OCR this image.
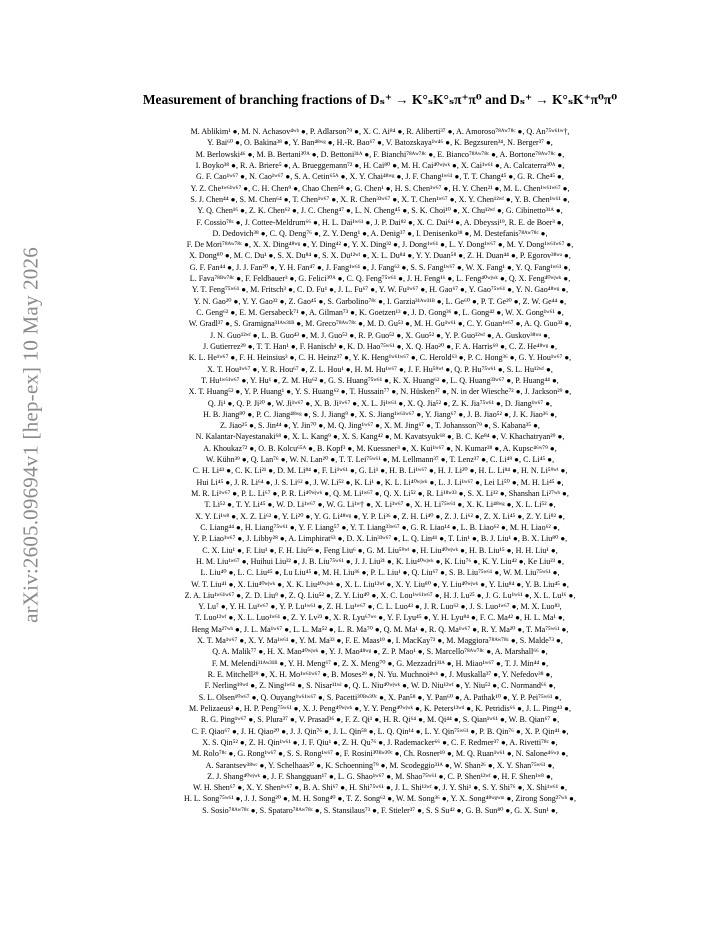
arXiv:2605.09694v1 [hep-ex] 10 May 2026
Measurement of branching fractions of Dₛ⁺ → K°ₛK°ₛπ⁺π⁰ and Dₛ⁺ → K°ₛK⁺π⁰π⁰
M. Ablikim¹ ●, M. N. Achasov⁴ʷᵇ ●, P. Adlarson⁷⁹ ●, X. C. Ai⁸⁴ ●, R. Aliberti³⁷ ●, A. Amoroso⁷⁸ᴬʷ⁷⁸ᶜ ●, Q. An⁷⁵ʷ⁶¹ʷ†,
Y. Bai⁶⁰ ●, O. Bakina³⁸ ●, Y. Ban⁴⁸ʷᵍ ●, H.-R. Bao⁶⁷ ●, V. Batozskaya¹ʷ⁴⁶ ●, K. Begzsuren³⁴, N. Berger³⁷ ●,
M. Berlowski⁴⁶ ●, M. B. Bertani³⁰ᴬ ●, D. Bettoni³¹ᴬ ●, F. Bianchi⁷⁸ᴬʷ⁷⁸ᶜ ●, E. Bianco⁷⁸ᴬʷ⁷⁸ᶜ ●, A. Bortone⁷⁸ᴬʷ⁷⁸ᶜ ●,
I. Boyko³⁸ ●, R. A. Briere⁵ ●, A. Brueggemann⁷² ●, H. Cai⁸⁰ ●, M. H. Cai⁴⁰ʷʲʷᵏ ●, X. Cai¹ʷ⁶¹ ●, A. Calcaterra³⁰ᴬ ●,
G. F. Cao¹ʷ⁶⁷ ●, N. Cao¹ʷ⁶⁷ ●, S. A. Cetin⁶⁵ᴬ ●, X. Y. Chai⁴⁸ʷᵍ ●, J. F. Chang¹ʷ⁶¹ ●, T. T. Chang⁴⁵ ●, G. R. Che⁴⁵ ●,
Y. Z. Che¹ʷ⁶¹ʷ⁶⁷ ●, C. H. Chen⁹ ●, Chao Chen⁵⁸ ●, G. Chen¹ ●, H. S. Chen¹ʷ⁶⁷ ●, H. Y. Chen²¹ ●, M. L. Chen¹ʷ⁶¹ʷ⁶⁷ ●,
S. J. Chen⁴⁴ ●, S. M. Chen⁶⁴ ●, T. Chen¹ʷ⁶⁷ ●, X. R. Chen³³ʷ⁶⁷ ●, X. T. Chen¹ʷ⁶⁷ ●, X. Y. Chen¹²ʷᶠ ●, Y. B. Chen¹ʷ⁶¹ ●,
Y. Q. Chen¹⁶ ●, Z. K. Chen⁶² ●, J. C. Cheng⁴⁷ ●, L. N. Cheng⁴⁵ ●, S. K. Choi¹⁰ ●, X. Chu¹²ʷᶠ ●, G. Cibinetto³¹ᴬ ●,
F. Cossio⁷⁸ᶜ ●, J. Cottee-Meldrum⁶⁶ ●, H. L. Dai¹ʷ⁶¹ ●, J. P. Dai⁸² ●, X. C. Dai⁶⁴ ●, A. Dbeyssi¹⁹, R. E. de Boer³ ●,
D. Dedovich³⁸ ●, C. Q. Deng⁷⁶ ●, Z. Y. Deng¹ ●, A. Denig³⁷ ●, I. Denisenko³⁸ ●, M. Destefanis⁷⁸ᴬʷ⁷⁸ᶜ ●,
F. De Mori⁷⁸ᴬʷ⁷⁸ᶜ ●, X. X. Ding⁴⁸ʷᵍ ●, Y. Ding⁴² ●, Y. X. Ding³² ●, J. Dong¹ʷ⁶¹ ●, L. Y. Dong¹ʷ⁶⁷ ●, M. Y. Dong¹ʷ⁶¹ʷ⁶⁷ ●,
X. Dong⁸⁰ ●, M. C. Du¹ ●, S. X. Du⁸⁴ ●, S. X. Du¹²ʷᶠ ●, X. L. Du⁸⁴ ●, Y. Y. Duan⁵⁸ ●, Z. H. Duan⁴⁴ ●, P. Egorov³⁸ʷᵃ ●,
G. F. Fan⁴⁴ ●, J. J. Fan²⁰ ●, Y. H. Fan⁴⁷ ●, J. Fang¹ʷ⁶¹ ●, J. Fang⁶² ●, S. S. Fang¹ʷ⁶⁷ ●, W. X. Fang¹ ●, Y. Q. Fang¹ʷ⁶¹ ●,
L. Fava⁷⁸ᴮʷ⁷⁸ᶜ ●, F. Feldbauer³ ●, G. Felici³⁰ᴬ ●, C. Q. Feng⁷⁵ʷ⁶¹ ●, J. H. Feng¹⁶ ●, L. Feng⁴⁰ʷʲʷᵏ ●, Q. X. Feng⁴⁰ʷʲʷᵏ ●,
Y. T. Feng⁷⁵ʷ⁶¹ ●, M. Fritsch³ ●, C. D. Fu¹ ●, J. L. Fu⁶⁷ ●, Y. W. Fu¹ʷ⁶⁷ ●, H. Gao⁶⁷ ●, Y. Gao⁷⁵ʷ⁶¹ ●, Y. N. Gao⁴⁸ʷᵍ ●,
Y. N. Gao²⁰ ●, Y. Y. Gao³² ●, Z. Gao⁴⁵ ●, S. Garbolino⁷⁸ᶜ ●, I. Garzia³¹ᴬʷ³¹ᴮ ●, L. Ge⁶⁰ ●, P. T. Ge²⁰ ●, Z. W. Ge⁴⁴ ●,
C. Geng⁶² ●, E. M. Gersabeck⁷¹ ●, A. Gilman⁷³ ●, K. Goetzen¹³ ●, J. D. Gong³⁶ ●, L. Gong⁴² ●, W. X. Gong¹ʷ⁶¹ ●,
W. Gradl³⁷ ●, S. Gramigna³¹ᴬʷ³¹ᴮ ●, M. Greco⁷⁸ᴬʷ⁷⁸ᶜ ●, M. D. Gu⁵³ ●, M. H. Gu¹ʷ⁶¹ ●, C. Y. Guan¹ʷ⁶⁷ ●, A. Q. Guo³³ ●,
J. N. Guo¹²ʷᶠ ●, L. B. Guo⁴³ ●, M. J. Guo⁵² ●, R. P. Guo⁵² ●, X. Guo⁵² ●, Y. P. Guo¹²ʷᶠ ●, A. Guskov³⁸ʷᵃ ●,
J. Gutierrez²⁹ ●, T. T. Han¹ ●, F. Hanisch³ ●, K. D. Hao⁷⁵ʷ⁶¹ ●, X. Q. Hao²⁰ ●, F. A. Harris⁶⁹ ●, C. Z. He⁴⁸ʷᵍ ●,
K. L. He¹ʷ⁶⁷ ●, F. H. Heinsius³ ●, C. H. Heinz³⁷ ●, Y. K. Heng¹ʷ⁶¹ʷ⁶⁷ ●, C. Herold⁶³ ●, P. C. Hong³⁶ ●, G. Y. Hou¹ʷ⁶⁷ ●,
X. T. Hou¹ʷ⁶⁷ ●, Y. R. Hou⁶⁷ ●, Z. L. Hou¹ ●, H. M. Hu¹ʷ⁶⁷ ●, J. F. Hu⁵⁹ʷⁱ ●, Q. P. Hu⁷⁵ʷ⁶¹ ●, S. L. Hu¹²ʷᶠ ●,
T. Hu¹ʷ⁶¹ʷ⁶⁷ ●, Y. Hu¹ ●, Z. M. Hu⁶² ●, G. S. Huang⁷⁵ʷ⁶¹ ●, K. X. Huang⁶² ●, L. Q. Huang³³ʷ⁶⁷ ●, P. Huang⁴⁴ ●,
X. T. Huang⁵² ●, Y. P. Huang¹ ●, Y. S. Huang⁶² ●, T. Hussain⁷⁷ ●, N. Hüsken³⁷ ●, N. in der Wiesche⁷² ●, J. Jackson²⁹ ●,
Q. Ji¹ ●, Q. P. Ji²⁰ ●, W. Ji¹ʷ⁶⁷ ●, X. B. Ji¹ʷ⁶⁷ ●, X. L. Ji¹ʷ⁶¹ ●, X. Q. Jia⁵² ●, Z. K. Jia⁷⁵ʷ⁶¹ ●, D. Jiang¹ʷ⁶⁷ ●,
H. B. Jiang⁸⁰ ●, P. C. Jiang⁴⁸ʷᵍ ●, S. J. Jiang⁹ ●, X. S. Jiang¹ʷ⁶¹ʷ⁶⁷ ●, Y. Jiang⁶⁷ ●, J. B. Jiao⁵² ●, J. K. Jiao³⁶ ●,
Z. Jiao²⁵ ●, S. Jin⁴⁴ ●, Y. Jin⁷⁰ ●, M. Q. Jing¹ʷ⁶⁷ ●, X. M. Jing⁶⁷ ●, T. Johansson⁷⁹ ●, S. Kabana³⁵ ●,
N. Kalantar-Nayestanaki⁶⁸ ●, X. L. Kang⁹ ●, X. S. Kang⁴² ●, M. Kavatsyuk⁶⁸ ●, B. C. Ke⁸⁴ ●, V. Khachatryan²⁹ ●,
A. Khoukaz⁷² ●, O. B. Kolcu⁶⁵ᴬ ●, B. Kopf³ ●, M. Kuessner³ ●, X. Kui¹ʷ⁶⁷ ●, N. Kumar²⁸ ●, A. Kupsc⁴⁶ʷ⁷⁹ ●,
W. Kühn³⁹ ●, Q. Lan⁷⁶ ●, W. N. Lan²⁰ ●, T. T. Lei⁷⁵ʷ⁶¹ ●, M. Lellmann³⁷ ●, T. Lenz³⁷ ●, C. Li⁴⁹ ●, C. Li⁴⁵ ●,
C. H. Li⁴³ ●, C. K. Li²¹ ●, D. M. Li⁸⁴ ●, F. Li¹ʷ⁶¹ ●, G. Li¹ ●, H. B. Li¹ʷ⁶⁷ ●, H. J. Li²⁰ ●, H. L. Li⁸⁴ ●, H. N. Li⁵⁹ʷⁱ ●,
Hui Li⁴⁵ ●, J. R. Li⁶⁴ ●, J. S. Li⁶² ●, J. W. Li⁵² ●, K. Li¹ ●, K. L. Li⁴⁰ʷʲʷᵏ ●, L. J. Li¹ʷ⁶⁷ ●, Lei Li⁵⁰ ●, M. H. Li⁴⁵ ●,
M. R. Li¹ʷ⁶⁷ ●, P. L. Li⁶⁷ ●, P. R. Li⁴⁰ʷʲʷᵏ ●, Q. M. Li¹ʷ⁶⁷ ●, Q. X. Li⁵² ●, R. Li¹⁸ʷ³³ ●, S. X. Li¹² ●, Shanshan Li²⁷ʷʰ ●,
T. Li⁵² ●, T. Y. Li⁴⁵ ●, W. D. Li¹ʷ⁶⁷ ●, W. G. Li¹ʷ† ●, X. Li¹ʷ⁶⁷ ●, X. H. Li⁷⁵ʷ⁶¹ ●, X. K. Li⁴⁸ʷᵍ ●, X. L. Li⁵² ●,
X. Y. Li¹ʷ⁸ ●, X. Z. Li⁶² ●, Y. Li²⁰ ●, Y. G. Li⁴⁸ʷᵍ ●, Y. P. Li³⁶ ●, Z. H. Li⁴⁰ ●, Z. J. Li⁶² ●, Z. X. Li⁴⁵ ●, Z. Y. Li⁸² ●,
C. Liang⁴⁴ ●, H. Liang⁷⁵ʷ⁶¹ ●, Y. F. Liang⁵⁷ ●, Y. T. Liang³³ʷ⁶⁷ ●, G. R. Liao¹⁴ ●, L. B. Liao⁶² ●, M. H. Liao⁶² ●,
Y. P. Liao¹ʷ⁶⁷ ●, J. Libby²⁸ ●, A. Limphirat⁶³ ●, D. X. Lin³³ʷ⁶⁷ ●, L. Q. Lin⁴¹ ●, T. Lin¹ ●, B. J. Liu¹ ●, B. X. Liu⁸⁰ ●,
C. X. Liu¹ ●, F. Liu¹ ●, F. H. Liu⁵⁶ ●, Feng Liu⁶ ●, G. M. Liu⁵⁹ʷⁱ ●, H. Liu⁴⁰ʷʲʷᵏ ●, H. B. Liu¹⁵ ●, H. H. Liu¹ ●,
H. M. Liu¹ʷ⁶⁷ ●, Huihui Liu²² ●, J. B. Liu⁷⁵ʷ⁶¹ ●, J. J. Liu²¹ ●, K. Liu⁴⁰ʷʲʷᵏ ●, K. Liu⁷⁶ ●, K. Y. Liu⁴² ●, Ke Liu²³ ●,
L. Liu⁴⁰ ●, L. C. Liu⁴⁵ ●, Lu Liu⁴⁵ ●, M. H. Liu³⁶ ●, P. L. Liu¹ ●, Q. Liu⁶⁷ ●, S. B. Liu⁷⁵ʷ⁶¹ ●, W. M. Liu⁷⁵ʷ⁶¹ ●,
W. T. Liu⁴¹ ●, X. Liu⁴⁰ʷʲʷᵏ ●, X. K. Liu⁴⁰ʷʲʷᵏ ●, X. L. Liu¹²ʷᶠ ●, X. Y. Liu⁸⁰ ●, Y. Liu⁴⁰ʷʲʷᵏ ●, Y. Liu⁸⁴ ●, Y. B. Liu⁴⁵ ●,
Z. A. Liu¹ʷ⁶¹ʷ⁶⁷ ●, Z. D. Liu⁹ ●, Z. Q. Liu⁵² ●, Z. Y. Liu⁴⁰ ●, X. C. Lou¹ʷ⁶¹ʷ⁶⁷ ●, H. J. Lu²⁵ ●, J. G. Lu¹ʷ⁶¹ ●, X. L. Lu¹⁶ ●,
Y. Lu⁷ ●, Y. H. Lu¹ʷ⁶⁷ ●, Y. P. Lu¹ʷ⁶¹ ●, Z. H. Lu¹ʷ⁶⁷ ●, C. L. Luo⁴³ ●, J. R. Luo⁶² ●, J. S. Luo¹ʷ⁶⁷ ●, M. X. Luo⁸³,
T. Luo¹²ʷᶠ ●, X. L. Luo¹ʷ⁶¹ ●, Z. Y. Lv²³ ●, X. R. Lyu⁶⁷ʷᵒ ●, Y. F. Lyu⁴⁵ ●, Y. H. Lyu⁸⁴ ●, F. C. Ma⁴² ●, H. L. Ma¹ ●,
Heng Ma²⁷ʷʰ ●, J. L. Ma¹ʷ⁶⁷ ●, L. L. Ma⁵² ●, L. R. Ma⁷⁰ ●, Q. M. Ma¹ ●, R. Q. Ma¹ʷ⁶⁷ ●, R. Y. Ma²⁰ ●, T. Ma⁷⁵ʷ⁶¹ ●,
X. T. Ma¹ʷ⁶⁷ ●, X. Y. Ma¹ʷ⁶¹ ●, Y. M. Ma³³ ●, F. E. Maas¹⁹ ●, I. MacKay⁷³ ●, M. Maggiora⁷⁸ᴬʷ⁷⁸ᶜ ●, S. Malde⁷³ ●,
Q. A. Malik⁷⁷ ●, H. X. Mao⁴⁰ʷʲʷᵏ ●, Y. J. Mao⁴⁸ʷᵍ ●, Z. P. Mao¹ ●, S. Marcello⁷⁸ᴬʷ⁷⁸ᶜ ●, A. Marshall⁶⁶ ●,
F. M. Melendi³¹ᴬʷ³¹ᴮ ●, Y. H. Meng⁶⁷ ●, Z. X. Meng⁷⁰ ●, G. Mezzadri³¹ᴬ ●, H. Miao¹ʷ⁶⁷ ●, T. J. Min⁴⁴ ●,
R. E. Mitchell²⁹ ●, X. H. Mo¹ʷ⁶¹ʷ⁶⁷ ●, B. Moses²⁹ ●, N. Yu. Muchnoi⁴ʷᵇ ●, J. Muskalla³⁷ ●, Y. Nefedov³⁸ ●,
F. Nerling¹⁹ʷᵈ ●, Z. Ning¹ʷ⁶¹ ●, S. Nisar¹¹ʷˡ ●, Q. L. Niu⁴⁰ʷʲʷᵏ ●, W. D. Niu¹²ʷᶠ ●, Y. Niu⁵² ●, C. Normand⁶⁶ ●,
S. L. Olsen¹⁰ʷ⁶⁷ ●, Q. Ouyang¹ʷ⁶¹ʷ⁶⁷ ●, S. Pacetti³⁰ᴮʷ³⁰ᶜ ●, X. Pan⁵⁸ ●, Y. Pan⁶⁰ ●, A. Pathak¹⁰ ●, Y. P. Pei⁷⁵ʷ⁶¹ ●,
M. Pelizaeus³ ●, H. P. Peng⁷⁵ʷ⁶¹ ●, X. J. Peng⁴⁰ʷʲʷᵏ ●, Y. Y. Peng⁴⁰ʷʲʷᵏ ●, K. Peters¹³ʷᵈ ●, K. Petridis⁶⁶ ●, J. L. Ping⁴³ ●,
R. G. Ping¹ʷ⁶⁷ ●, S. Plura³⁷ ●, V. Prasad³⁶ ●, F. Z. Qi¹ ●, H. R. Qi⁶⁴ ●, M. Qi⁴⁴ ●, S. Qian¹ʷ⁶¹ ●, W. B. Qian⁶⁷ ●,
C. F. Qiao⁶⁷ ●, J. H. Qiao²⁰ ●, J. J. Qin⁷⁶ ●, J. L. Qin⁵⁸ ●, L. Q. Qin¹⁴ ●, L. Y. Qin⁷⁵ʷ⁶¹ ●, P. B. Qin⁷⁶ ●, X. P. Qin⁴¹ ●,
X. S. Qin⁵² ●, Z. H. Qin¹ʷ⁶¹ ●, J. F. Qiu¹ ●, Z. H. Qu⁷⁶ ●, J. Rademacker⁶⁶ ●, C. F. Redmer³⁷ ●, A. Rivetti⁷⁸ᶜ ●,
M. Rolo⁷⁸ᶜ ●, G. Rong¹ʷ⁶⁷ ●, S. S. Rong¹ʷ⁶⁷ ●, F. Rosini³⁰ᴮʷ³⁰ᶜ ●, Ch. Rosner¹⁹ ●, M. Q. Ruan¹ʷ⁶¹ ●, N. Salone⁴⁶ʷᵖ ●,
A. Sarantsev³⁸ʷᶜ ●, Y. Schelhaas³⁷ ●, K. Schoenning⁷⁹ ●, M. Scodeggio³¹ᴬ ●, W. Shan²⁶ ●, X. Y. Shan⁷⁵ʷ⁶¹ ●,
Z. J. Shang⁴⁰ʷʲʷᵏ ●, J. F. Shangguan¹⁷ ●, L. G. Shao¹ʷ⁶⁷ ●, M. Shao⁷⁵ʷ⁶¹ ●, C. P. Shen¹²ʷᶠ ●, H. F. Shen¹ʷ⁸ ●,
W. H. Shen⁶⁷ ●, X. Y. Shen¹ʷ⁶⁷ ●, B. A. Shi⁶⁷ ●, H. Shi⁷⁵ʷ⁶¹ ●, J. L. Shi¹²ʷᶠ ●, J. Y. Shi¹ ●, S. Y. Shi⁷⁶ ●, X. Shi¹ʷ⁶¹ ●,
H. L. Song⁷⁵ʷ⁶¹ ●, J. J. Song²⁰ ●, M. H. Song⁴⁰ ●, T. Z. Song⁶² ●, W. M. Song³⁶ ●, Y. X. Song⁴⁸ʷᵍʷᵐ ●, Zirong Song²⁷ʷʰ ●,
S. Sosio⁷⁸ᴬʷ⁷⁸ᶜ ●, S. Spataro⁷⁸ᴬʷ⁷⁸ᶜ ●, S. Stansilaus⁷³ ●, F. Stieler³⁷ ●, S. S Su⁴² ●, G. B. Sun⁸⁰ ●, G. X. Sun¹ ●,
